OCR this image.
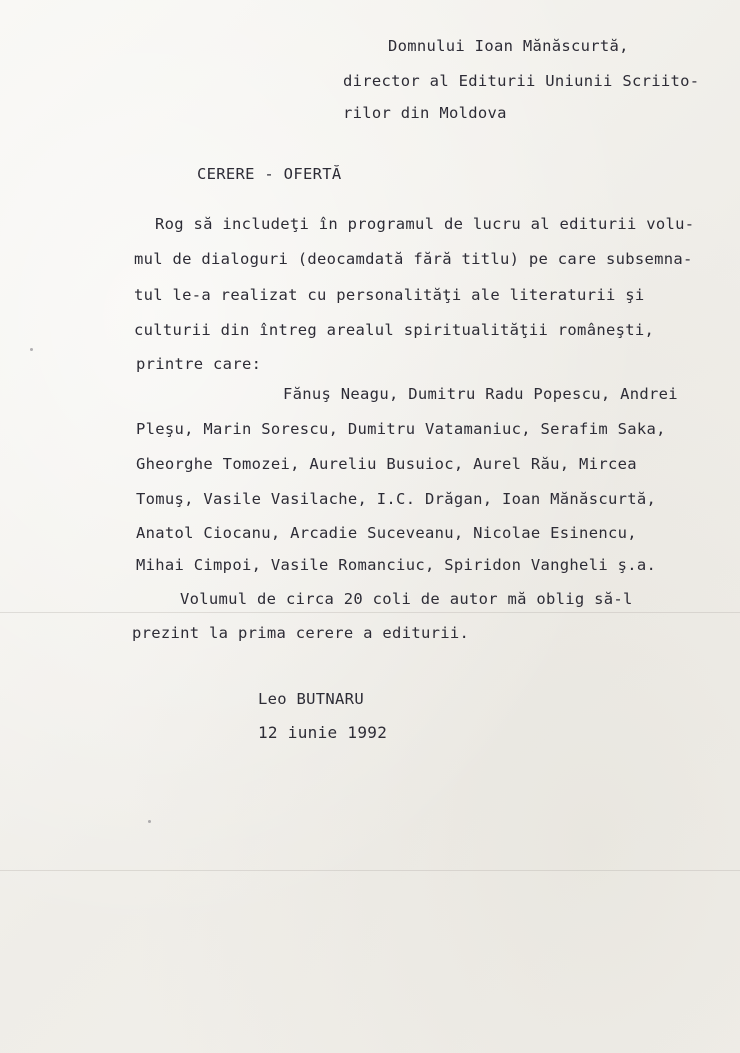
Domnului Ioan Mănăscurtă,
director al Editurii Uniunii Scriito-
rilor din Moldova
CERERE - OFERTĂ
Rog să includeţi în programul de lucru al editurii volu-
mul de dialoguri (deocamdată fără titlu) pe care subsemna-
tul le-a realizat cu personalităţi ale literaturii şi
culturii din întreg arealul spiritualităţii româneşti,
printre care:
Fănuş Neagu, Dumitru Radu Popescu, Andrei
Pleşu, Marin Sorescu, Dumitru Vatamaniuc, Serafim Saka,
Gheorghe Tomozei, Aureliu Busuioc, Aurel Rău, Mircea
Tomuş, Vasile Vasilache, I.C. Drăgan, Ioan Mănăscurtă,
Anatol Ciocanu, Arcadie Suceveanu, Nicolae Esinencu,
Mihai Cimpoi, Vasile Romanciuc, Spiridon Vangheli ş.a.
Volumul de circa 20 coli de autor mă oblig să-l
prezint la prima cerere a editurii.
Leo BUTNARU
12 iunie 1992
